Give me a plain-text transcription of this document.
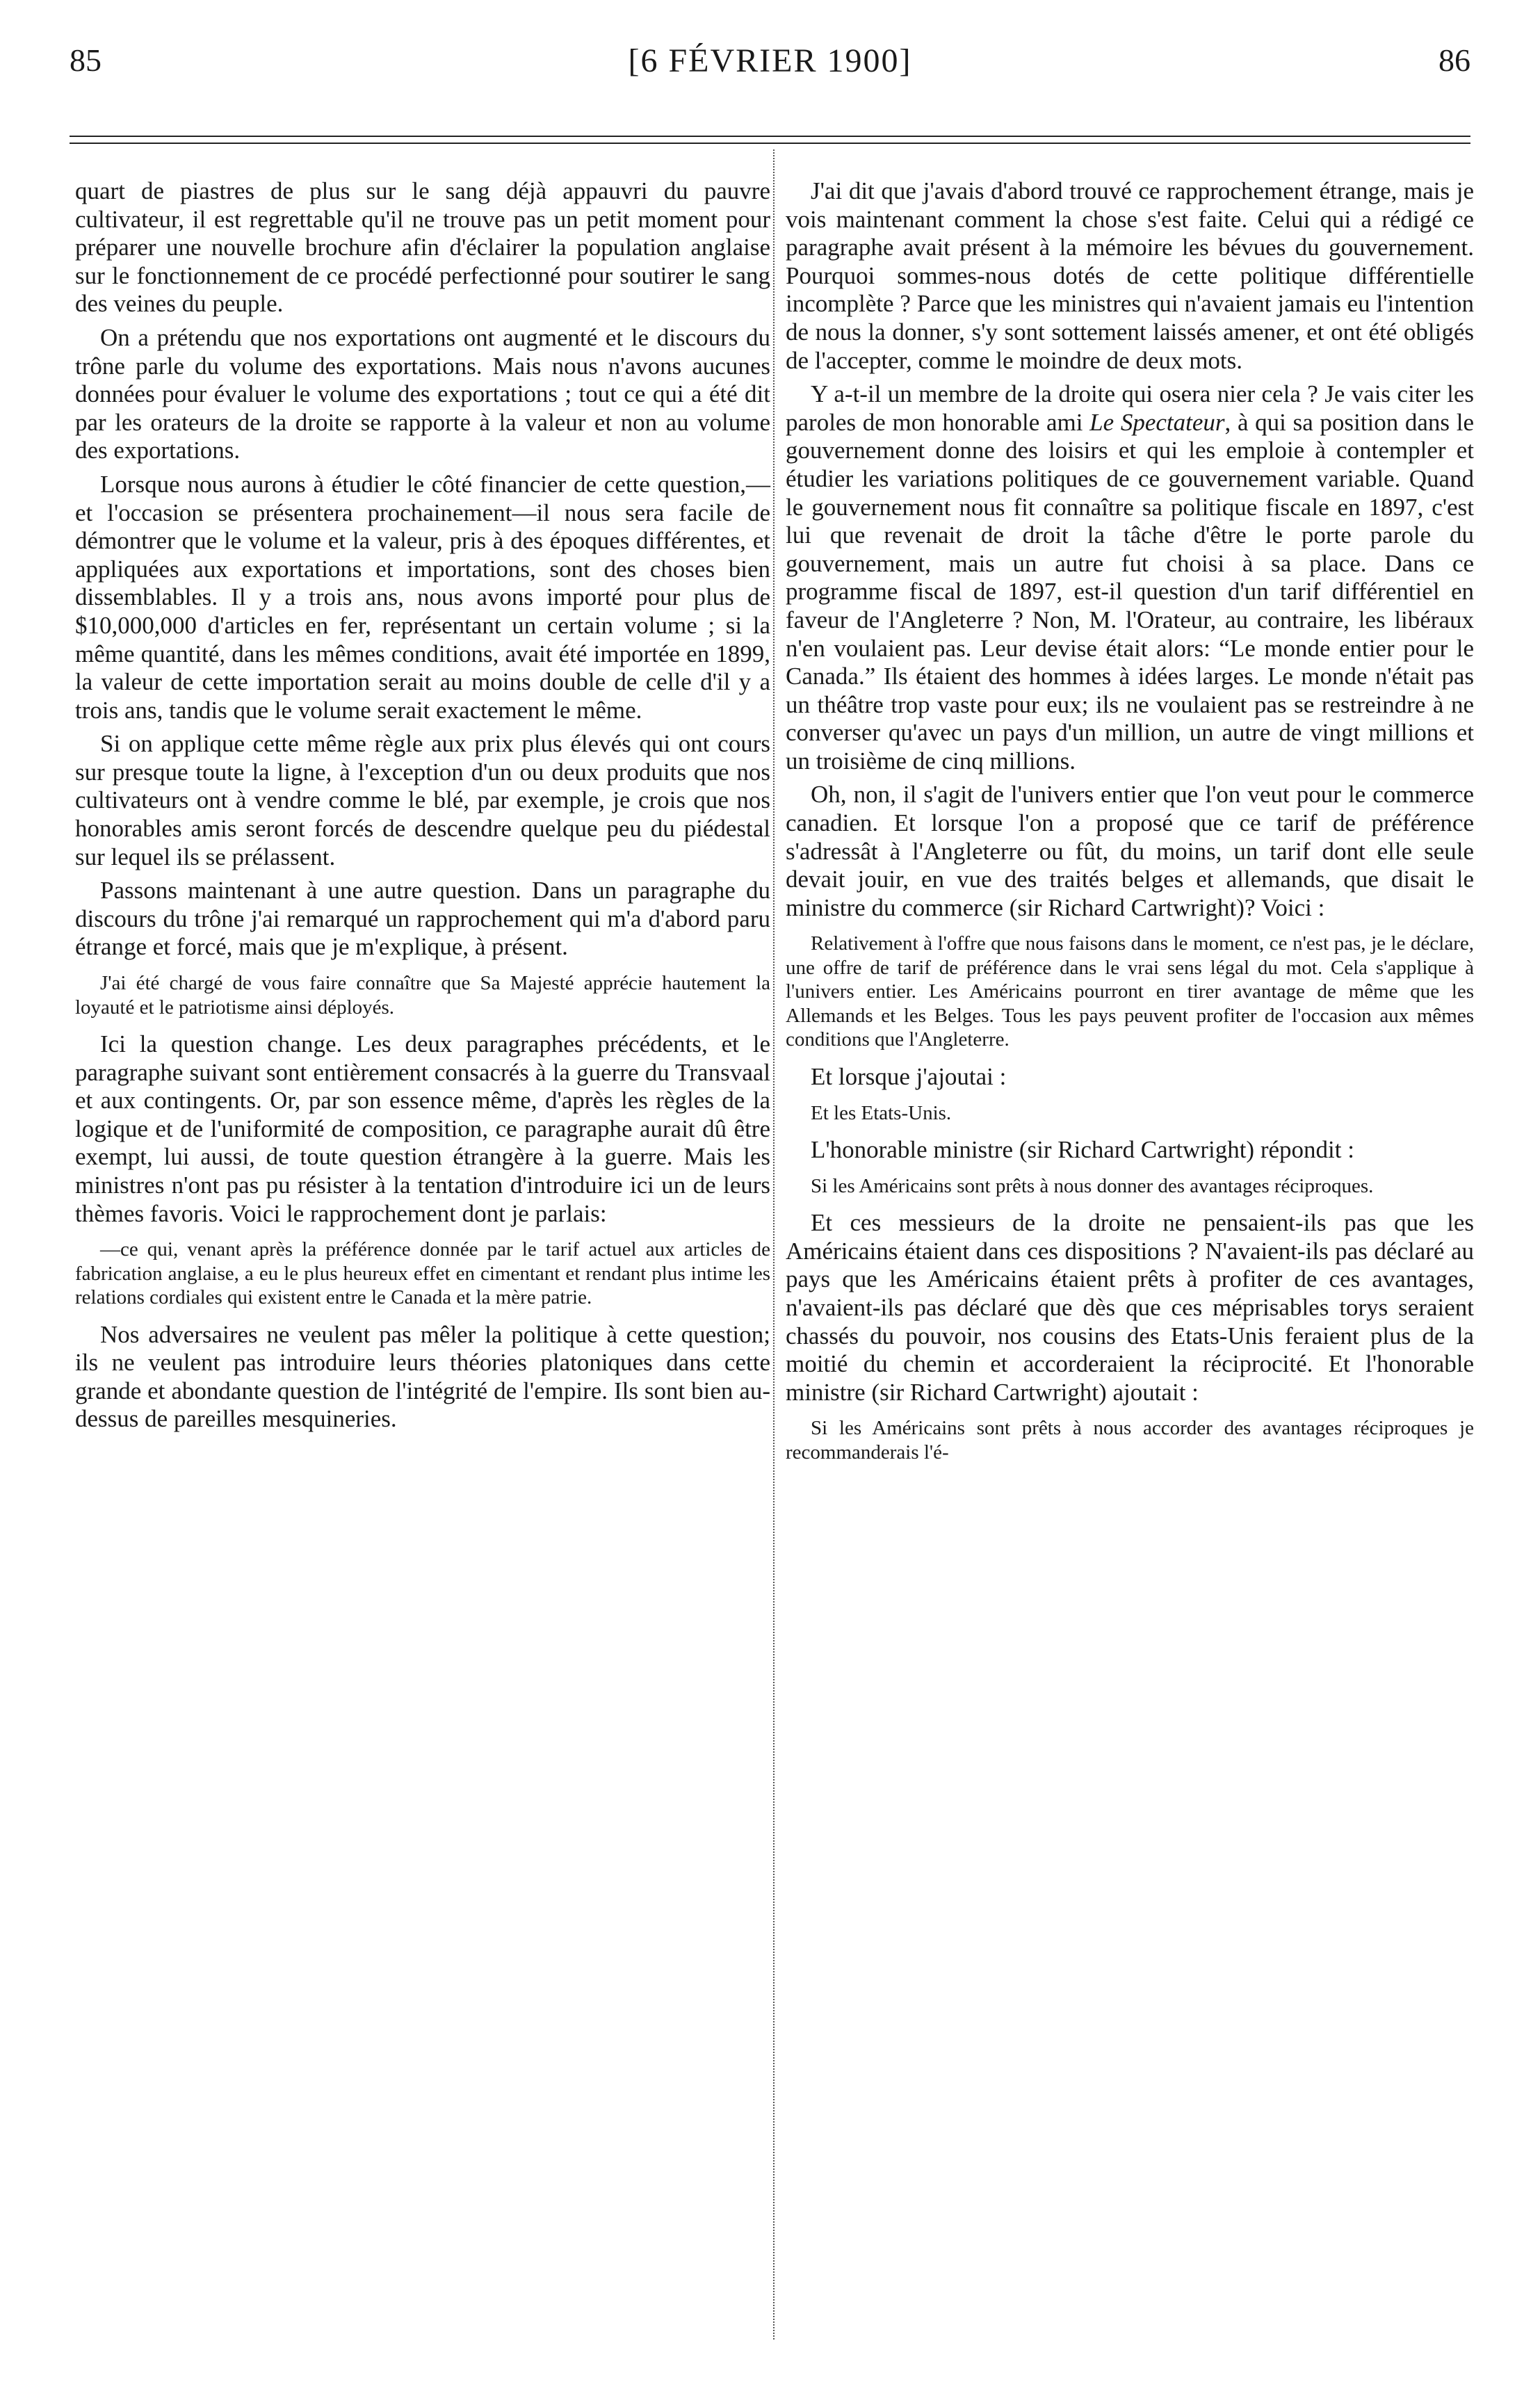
85	[6 FÉVRIER 1900]	86

quart de piastres de plus sur le sang déjà appauvri du pauvre cultivateur, il est regrettable qu'il ne trouve pas un petit moment pour préparer une nouvelle brochure afin d'éclairer la population anglaise sur le fonctionnement de ce procédé perfectionné pour soutirer le sang des veines du peuple.

On a prétendu que nos exportations ont augmenté et le discours du trône parle du volume des exportations. Mais nous n'avons aucunes données pour évaluer le volume des exportations ; tout ce qui a été dit par les orateurs de la droite se rapporte à la valeur et non au volume des exportations.

Lorsque nous aurons à étudier le côté financier de cette question,—et l'occasion se présentera prochainement—il nous sera facile de démontrer que le volume et la valeur, pris à des époques différentes, et appliquées aux exportations et importations, sont des choses bien dissemblables. Il y a trois ans, nous avons importé pour plus de $10,000,000 d'articles en fer, représentant un certain volume ; si la même quantité, dans les mêmes conditions, avait été importée en 1899, la valeur de cette importation serait au moins double de celle d'il y a trois ans, tandis que le volume serait exactement le même.

Si on applique cette même règle aux prix plus élevés qui ont cours sur presque toute la ligne, à l'exception d'un ou deux produits que nos cultivateurs ont à vendre comme le blé, par exemple, je crois que nos honorables amis seront forcés de descendre quelque peu du piédestal sur lequel ils se prélassent.

Passons maintenant à une autre question. Dans un paragraphe du discours du trône j'ai remarqué un rapprochement qui m'a d'abord paru étrange et forcé, mais que je m'explique, à présent.

J'ai été chargé de vous faire connaître que Sa Majesté apprécie hautement la loyauté et le patriotisme ainsi déployés.

Ici la question change. Les deux paragraphes précédents, et le paragraphe suivant sont entièrement consacrés à la guerre du Transvaal et aux contingents. Or, par son essence même, d'après les règles de la logique et de l'uniformité de composition, ce paragraphe aurait dû être exempt, lui aussi, de toute question étrangère à la guerre. Mais les ministres n'ont pas pu résister à la tentation d'introduire ici un de leurs thèmes favoris. Voici le rapprochement dont je parlais:

—ce qui, venant après la préférence donnée par le tarif actuel aux articles de fabrication anglaise, a eu le plus heureux effet en cimentant et rendant plus intime les relations cordiales qui existent entre le Canada et la mère patrie.

Nos adversaires ne veulent pas mêler la politique à cette question; ils ne veulent pas introduire leurs théories platoniques dans cette grande et abondante question de l'intégrité de l'empire. Ils sont bien au-dessus de pareilles mesquineries.

J'ai dit que j'avais d'abord trouvé ce rapprochement étrange, mais je vois maintenant comment la chose s'est faite. Celui qui a rédigé ce paragraphe avait présent à la mémoire les bévues du gouvernement. Pourquoi sommes-nous dotés de cette politique différentielle incomplète ? Parce que les ministres qui n'avaient jamais eu l'intention de nous la donner, s'y sont sottement laissés amener, et ont été obligés de l'accepter, comme le moindre de deux mots.

Y a-t-il un membre de la droite qui osera nier cela ? Je vais citer les paroles de mon honorable ami Le Spectateur, à qui sa position dans le gouvernement donne des loisirs et qui les emploie à contempler et étudier les variations politiques de ce gouvernement variable. Quand le gouvernement nous fit connaître sa politique fiscale en 1897, c'est lui que revenait de droit la tâche d'être le porte parole du gouvernement, mais un autre fut choisi à sa place. Dans ce programme fiscal de 1897, est-il question d'un tarif différentiel en faveur de l'Angleterre ? Non, M. l'Orateur, au contraire, les libéraux n'en voulaient pas. Leur devise était alors: “Le monde entier pour le Canada.” Ils étaient des hommes à idées larges. Le monde n'était pas un théâtre trop vaste pour eux; ils ne voulaient pas se restreindre à ne converser qu'avec un pays d'un million, un autre de vingt millions et un troisième de cinq millions.

Oh, non, il s'agit de l'univers entier que l'on veut pour le commerce canadien. Et lorsque l'on a proposé que ce tarif de préférence s'adressât à l'Angleterre ou fût, du moins, un tarif dont elle seule devait jouir, en vue des traités belges et allemands, que disait le ministre du commerce (sir Richard Cartwright)? Voici :

Relativement à l'offre que nous faisons dans le moment, ce n'est pas, je le déclare, une offre de tarif de préférence dans le vrai sens légal du mot. Cela s'applique à l'univers entier. Les Américains pourront en tirer avantage de même que les Allemands et les Belges. Tous les pays peuvent profiter de l'occasion aux mêmes conditions que l'Angleterre.

Et lorsque j'ajoutai :

Et les Etats-Unis.

L'honorable ministre (sir Richard Cartwright) répondit :

Si les Américains sont prêts à nous donner des avantages réciproques.

Et ces messieurs de la droite ne pensaient-ils pas que les Américains étaient dans ces dispositions ? N'avaient-ils pas déclaré au pays que les Américains étaient prêts à profiter de ces avantages, n'avaient-ils pas déclaré que dès que ces méprisables torys seraient chassés du pouvoir, nos cousins des Etats-Unis feraient plus de la moitié du chemin et accorderaient la réciprocité. Et l'honorable ministre (sir Richard Cartwright) ajoutait :

Si les Américains sont prêts à nous accorder des avantages réciproques je recommanderais l'é-
